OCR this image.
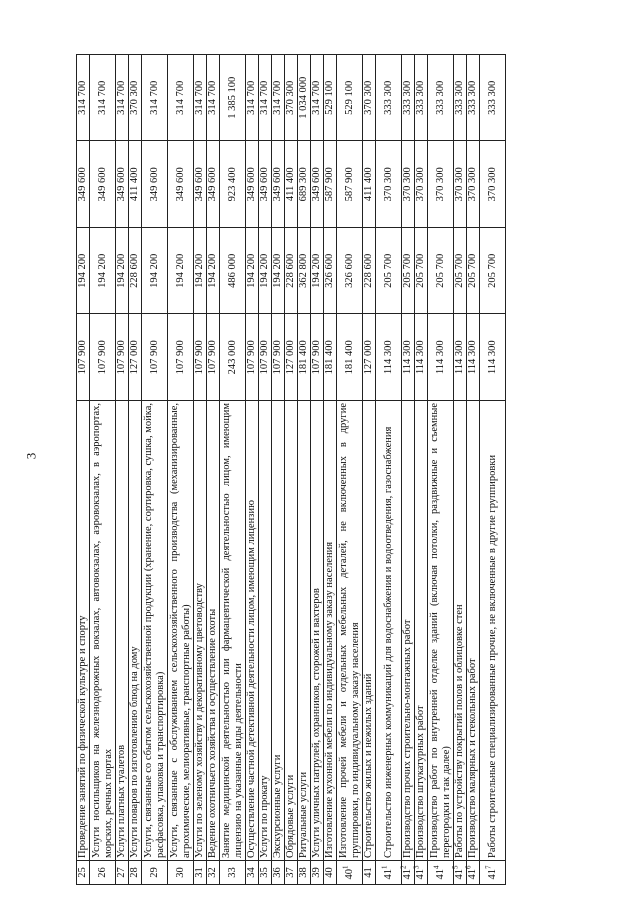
3
25	Проведение занятий по физической культуре и спорту	107 900	194 200	349 600	314 700
26	Услуги носильщиков на железнодорожных вокзалах, автовокзалах, аэровокзалах, в аэропортах, морских, речных портах	107 900	194 200	349 600	314 700
27	Услуги платных туалетов	107 900	194 200	349 600	314 700
28	Услуги поваров по изготовлению блюд на дому	127 000	228 600	411 400	370 300
29	Услуги, связанные со сбытом сельскохозяйственной продукции (хранение, сортировка, сушка, мойка, расфасовка, упаковка и транспортировка)	107 900	194 200	349 600	314 700
30	Услуги, связанные с обслуживанием сельскохозяйственного производства (механизированные, агрохимические, мелиоративные, транспортные работы)	107 900	194 200	349 600	314 700
31	Услуги по зеленому хозяйству и декоративному цветоводству	107 900	194 200	349 600	314 700
32	Ведение охотничьего хозяйства и осуществление охоты	107 900	194 200	349 600	314 700
33	Занятие медицинской деятельностью или фармацевтической деятельностью лицом, имеющим лицензию на указанные виды деятельности	243 000	486 000	923 400	1 385 100
34	Осуществление частной детективной деятельности лицом, имеющим лицензию	107 900	194 200	349 600	314 700
35	Услуги по прокату	107 900	194 200	349 600	314 700
36	Экскурсионные услуги	107 900	194 200	349 600	314 700
37	Обрядовые услуги	127 000	228 600	411 400	370 300
38	Ритуальные услуги	181 400	362 800	689 300	1 034 000
39	Услуги уличных патрулей, охранников, сторожей и вахтеров	107 900	194 200	349 600	314 700
40	Изготовление кухонной мебели по индивидуальному заказу населения	181 400	326 600	587 900	529 100
$40^1$	Изготовление прочей мебели и отдельных мебельных деталей, не включенных в другие группировки, по индивидуальному заказу населения	181 400	326 600	587 900	529 100
41	Строительство жилых и нежилых зданий	127 000	228 600	411 400	370 300
$41^1$	Строительство инженерных коммуникаций для водоснабжения и водоотведения, газоснабжения	114 300	205 700	370 300	333 300
$41^2$	Производство прочих строительно-монтажных работ	114 300	205 700	370 300	333 300
$41^3$	Производство штукатурных работ	114 300	205 700	370 300	333 300
$41^4$	Производство работ по внутренней отделке зданий (включая потолки, раздвижные и съемные перегородки и так далее)	114 300	205 700	370 300	333 300
$41^5$	Работы по устройству покрытий полов и облицовке стен	114 300	205 700	370 300	333 300
$41^6$	Производство малярных и стекольных работ	114 300	205 700	370 300	333 300
$41^7$	Работы строительные специализированные прочие, не включенные в другие группировки	114 300	205 700	370 300	333 300
